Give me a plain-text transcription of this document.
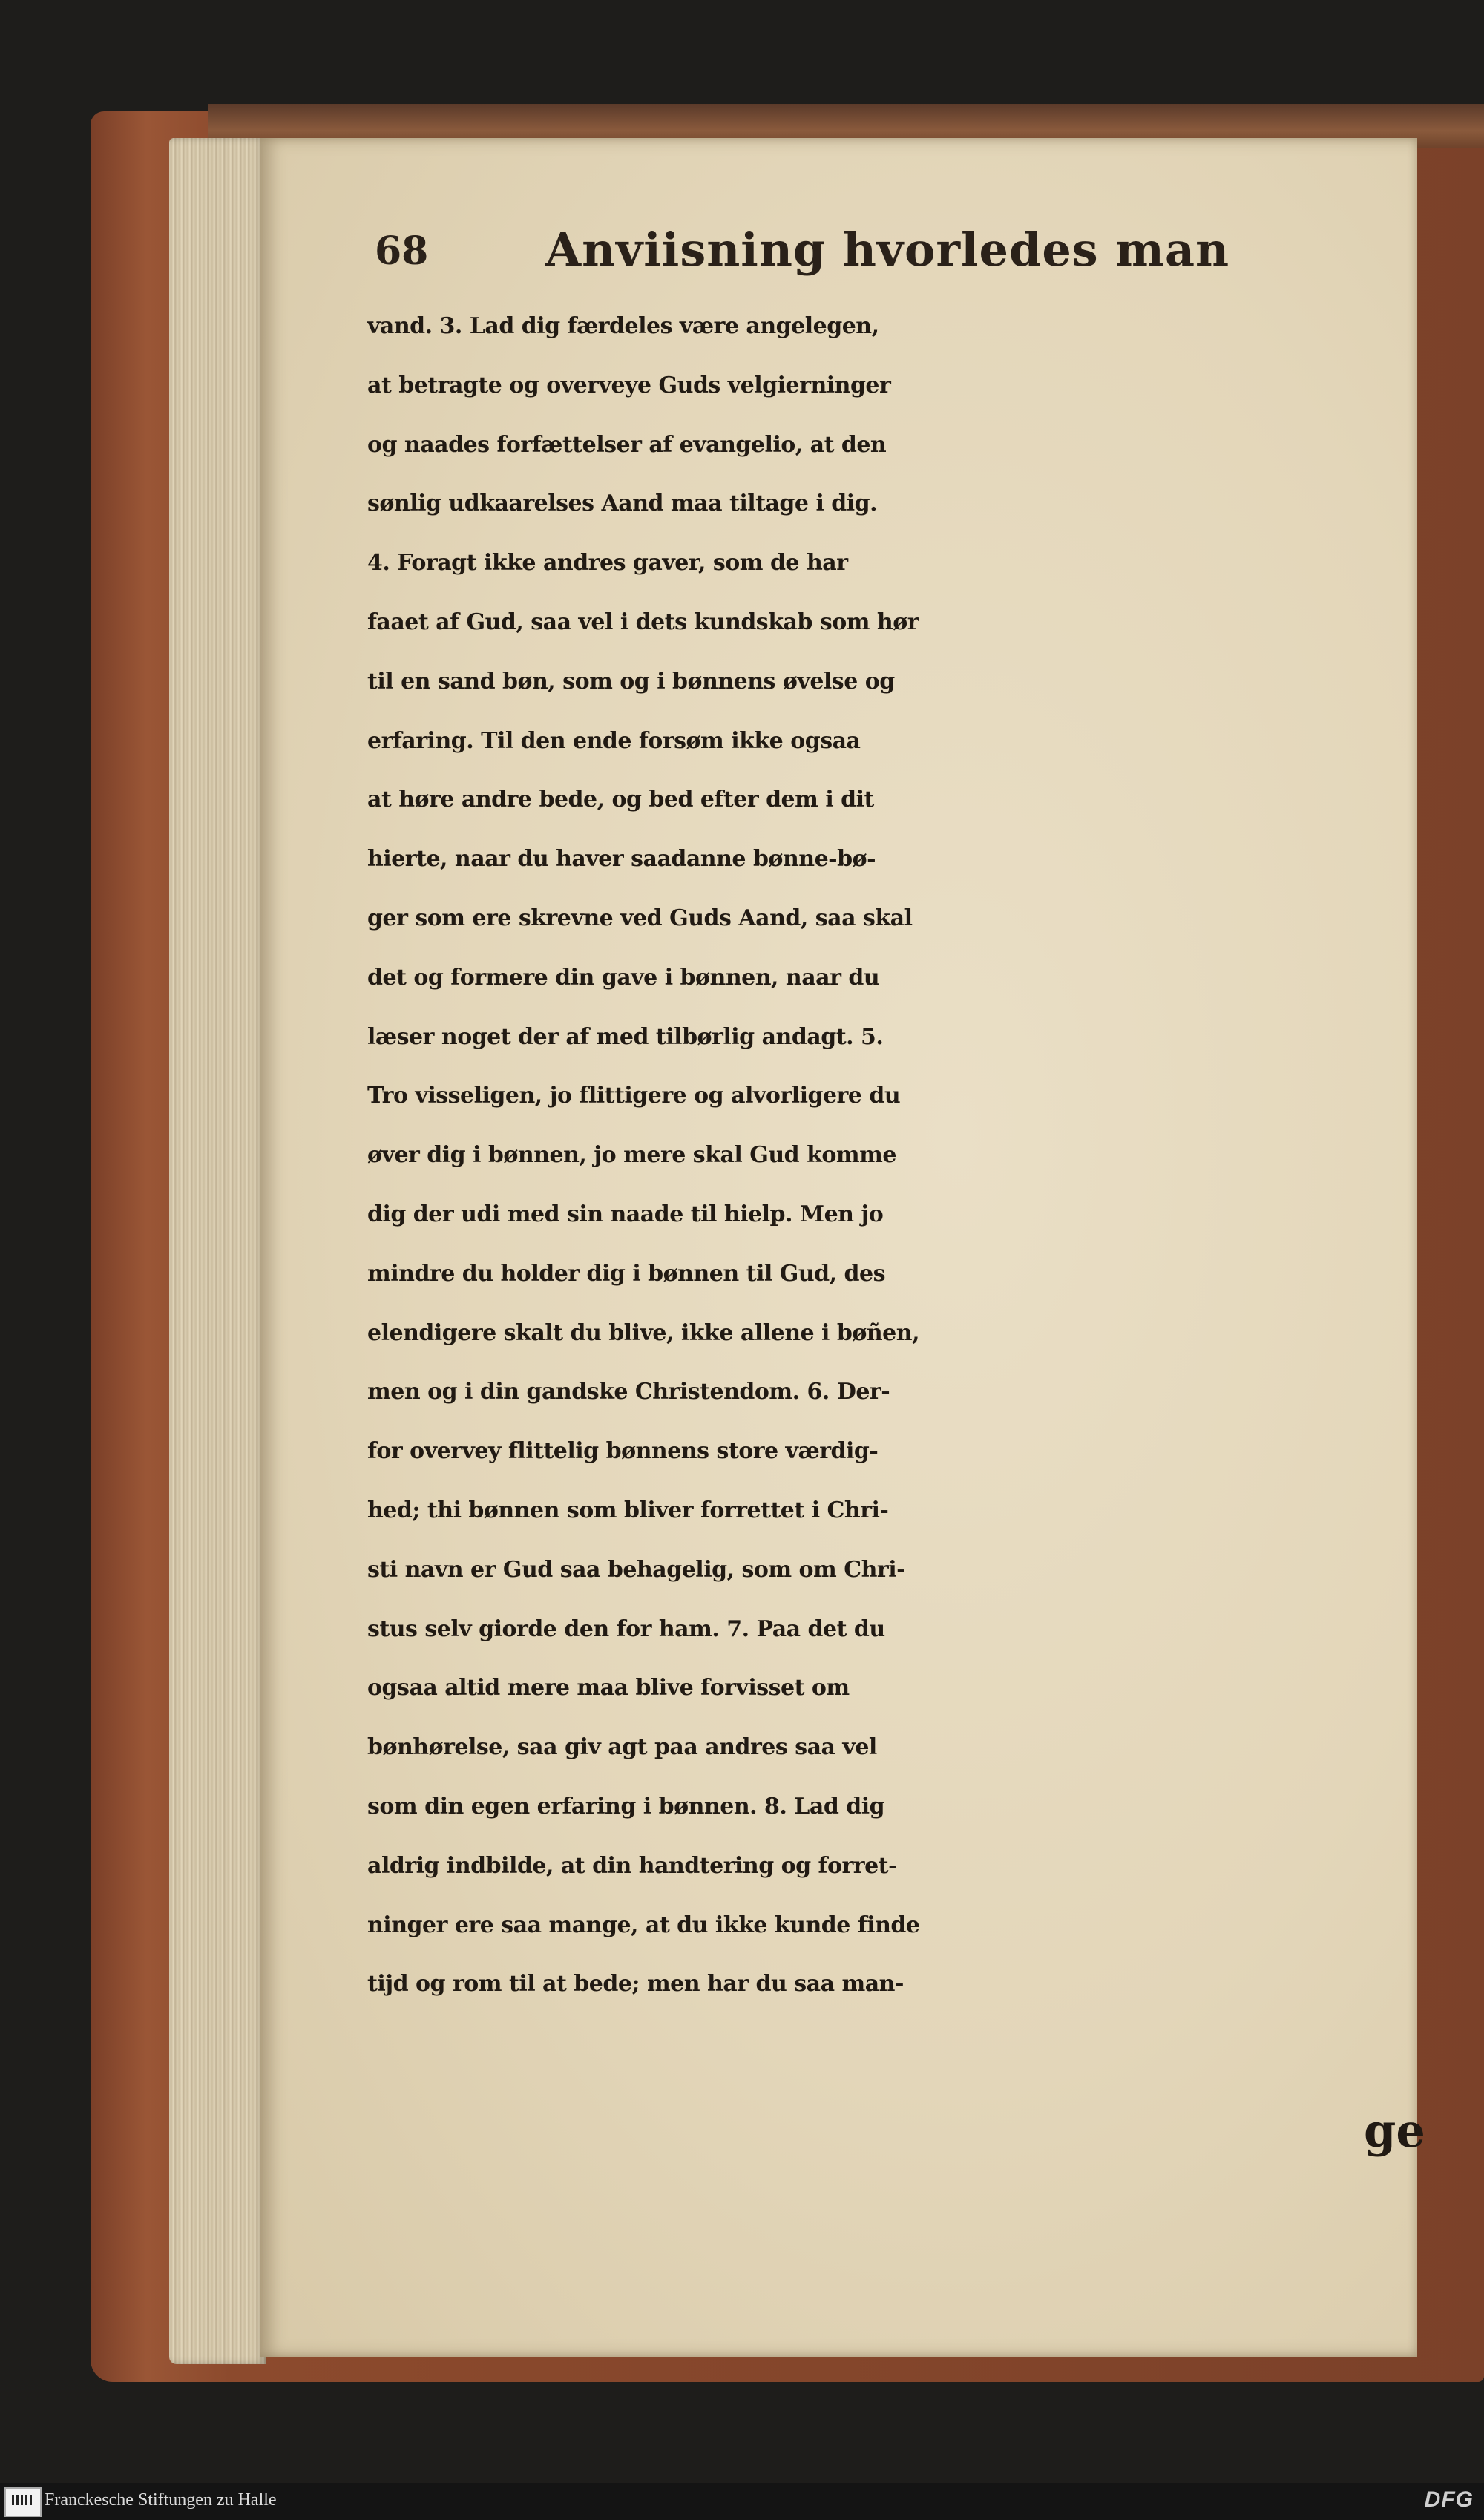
68	Anviisning hvorledes man
vand. 3. Lad dig færdeles være angelegen,
at betragte og overveye Guds velgierninger
og naades forfættelser af evangelio, at den
sønlig udkaarelses Aand maa tiltage i dig.
4. Foragt ikke andres gaver, som de har
faaet af Gud, saa vel i dets kundskab som hør
til en sand bøn, som og i bønnens øvelse og
erfaring. Til den ende forsøm ikke ogsaa
at høre andre bede, og bed efter dem i dit
hierte, naar du haver saadanne bønne-bø-
ger som ere skrevne ved Guds Aand, saa skal
det og formere din gave i bønnen, naar du
læser noget der af med tilbørlig andagt. 5.
Tro visseligen, jo flittigere og alvorligere du
øver dig i bønnen, jo mere skal Gud komme
dig der udi med sin naade til hielp. Men jo
mindre du holder dig i bønnen til Gud, des
elendigere skalt du blive, ikke allene i bøñen,
men og i din gandske Christendom. 6. Der-
for overvey flittelig bønnens store værdig-
hed; thi bønnen som bliver forrettet i Chri-
sti navn er Gud saa behagelig, som om Chri-
stus selv giorde den for ham. 7. Paa det du
ogsaa altid mere maa blive forvisset om
bønhørelse, saa giv agt paa andres saa vel
som din egen erfaring i bønnen. 8. Lad dig
aldrig indbilde, at din handtering og forret-
ninger ere saa mange, at du ikke kunde finde
tijd og rom til at bede; men har du saa man-
ge
Franckesche Stiftungen zu Halle	DFG
